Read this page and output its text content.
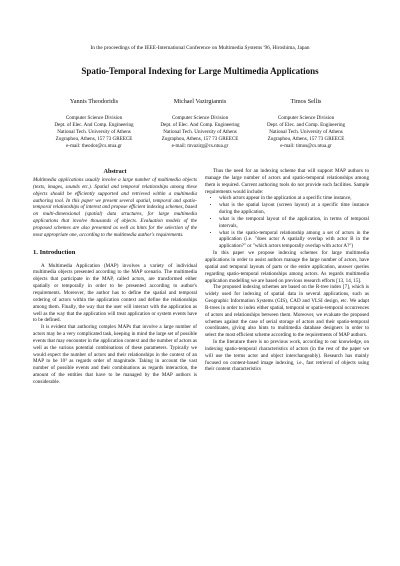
In the proceedings of the IEEE-International Conference on Multimedia Systems '96, Hiroshima, Japan
Spatio-Temporal Indexing for Large Multimedia Applications
Yannis Theodoridis
Computer Science Division
Dept. of Elec. And Comp. Engineering
National Tech. University of Athens
Zographou, Athens, 157 73 GREECE
e-mail: theodor@cs.ntua.gr
Michael Vazirgiannis
Computer Science Division
Dept. of Elec. And Comp. Engineering
National Tech. University of Athens
Zographou, Athens, 157 73 GREECE
e-mail: mvazirg@cs.ntua.gr
Timos Sellis
Computer Science Division
Dept. of Elec. and Comp. Engineering
National Tech. University of Athens
Zographou, Athens, 157 73 GREECE
e-mail: timos@cs.ntua.gr
Abstract

Multimedia applications usually involve a large number of multimedia objects (texts, images, sounds etc.). Spatial and temporal relationships among these objects should be efficiently supported and retrieved within a multimedia authoring tool. In this paper we present several spatial, temporal and spatio-temporal relationships of interest and propose efficient indexing schemes, based on multi-dimensional (spatial) data structures, for large multimedia applications that involve thousands of objects. Evaluation models of the proposed schemes are also presented as well as hints for the selection of the most appropriate one, according to the multimedia author's requirements.

1. Introduction

A Multimedia Application (MAP) involves a variety of individual multimedia objects presented according to the MAP scenario. The multimedia objects that participate in the MAP, called actors, are transformed either spatially or temporally in order to be presented according to author's requirements. Moreover, the author has to define the spatial and temporal ordering of actors within the application context and define the relationships among them. Finally, the way that the user will interact with the application as well as the way that the application will treat application or system events have to be defined.

It is evident that authoring complex MAPs that involve a large number of actors may be a very complicated task, keeping in mind the large set of possible events that may encounter in the application context and the number of actors as well as the various potential combinations of these parameters. Typically we would expect the number of actors and their relationships in the context of an MAP to be 10³ as regards order of magnitude. Taking in account the vast number of possible events and their combinations as regards interaction, the amount of the entities that have to be managed by the MAP authors is considerable.

Thus the need for an indexing scheme that will support MAP authors to manage the large number of actors and spatio-temporal relationships among them is required. Current authoring tools do not provide such facilities. Sample requirements would include:

• which actors appear in the application at a specific time instance,
• what is the spatial layout (screen layout) at a specific time instance during the application,
• what is the temporal layout of the application, in terms of temporal intervals,
• what is the spatio-temporal relationship among a set of actors in the application (i.e. "does actor A spatially overlap with actor B in the application?" or "which actors temporally overlap with actor A?")

In this paper we propose indexing schemes for large multimedia applications in order to assist authors manage the large number of actors, have spatial and temporal layouts of parts or the entire application, answer queries regarding spatio-temporal relationships among actors. As regards multimedia application modelling we are based on previous research efforts [13, 14, 15].

The proposed indexing schemes are based on the R-tree index [7], which is widely used for indexing of spatial data in several applications, such as Geographic Information Systems (GIS), CAD and VLSI design, etc. We adapt R-trees in order to index either spatial, temporal or spatio-temporal occurrences of actors and relationships between them. Moreover, we evaluate the proposed schemes against the case of serial storage of actors and their spatio-temporal coordinates, giving also hints to multimedia database designers in order to select the most efficient scheme according to the requirements of MAP authors.

In the literature there is no previous work, according to our knowledge, on indexing spatio-temporal characteristics of actors (in the rest of the paper we will use the terms actor and object interchangeably). Research has mainly focused on content-based image indexing, i.e., fast retrieval of objects using their content characteristics
